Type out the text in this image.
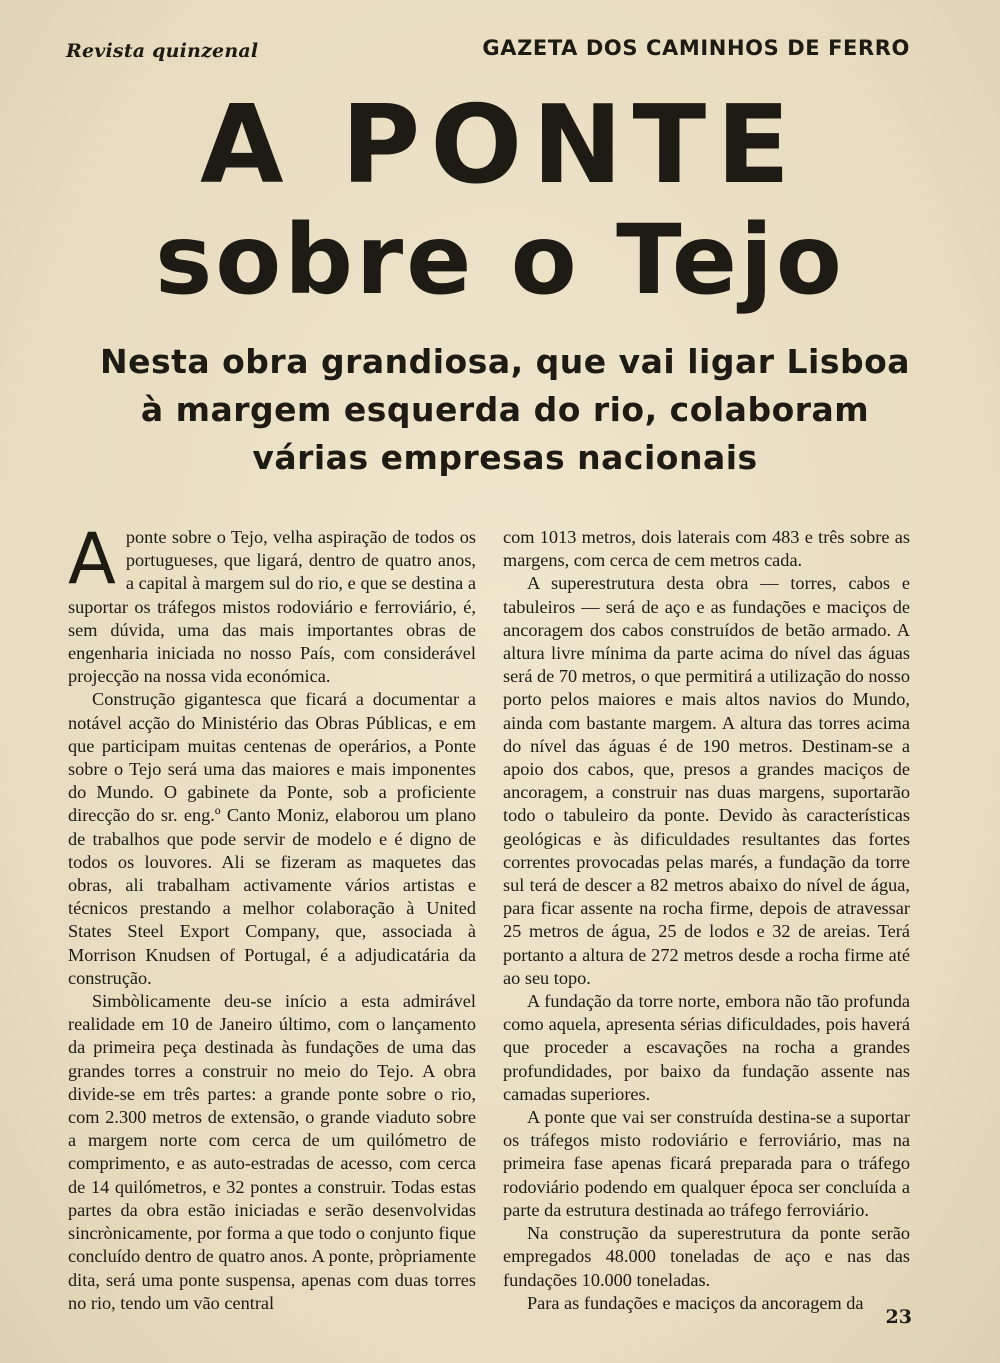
Revista quinzenal	GAZETA DOS CAMINHOS DE FERRO
A PONTE
sobre o Tejo
Nesta obra grandiosa, que vai ligar Lisboa
à margem esquerda do rio, colaboram
várias empresas nacionais

Aponte sobre o Tejo, velha aspiração de todos os portugueses, que ligará, dentro de quatro anos, a capital à margem sul do rio, e que se destina a suportar os tráfegos mistos rodoviário e ferroviário, é, sem dúvida, uma das mais importantes obras de engenharia iniciada no nosso País, com considerável projecção na nossa vida económica.

Construção gigantesca que ficará a documentar a notável acção do Ministério das Obras Públicas, e em que participam muitas centenas de operários, a Ponte sobre o Tejo será uma das maiores e mais imponentes do Mundo. O gabinete da Ponte, sob a proficiente direcção do sr. eng.º Canto Moniz, elaborou um plano de trabalhos que pode servir de modelo e é digno de todos os louvores. Ali se fizeram as maquetes das obras, ali trabalham activamente vários artistas e técnicos prestando a melhor colaboração à United States Steel Export Company, que, associada à Morrison Knudsen of Portugal, é a adjudicatária da construção.

Simbòlicamente deu-se início a esta admirável realidade em 10 de Janeiro último, com o lançamento da primeira peça destinada às fundações de uma das grandes torres a construir no meio do Tejo. A obra divide-se em três partes: a grande ponte sobre o rio, com 2.300 metros de extensão, o grande viaduto sobre a margem norte com cerca de um quilómetro de comprimento, e as auto-estradas de acesso, com cerca de 14 quilómetros, e 32 pontes a construir. Todas estas partes da obra estão iniciadas e serão desenvolvidas sincrònicamente, por forma a que todo o conjunto fique concluído dentro de quatro anos. A ponte, pròpriamente dita, será uma ponte suspensa, apenas com duas torres no rio, tendo um vão central

com 1013 metros, dois laterais com 483 e três sobre as margens, com cerca de cem metros cada.

A superestrutura desta obra — torres, cabos e tabuleiros — será de aço e as fundações e maciços de ancoragem dos cabos construídos de betão armado. A altura livre mínima da parte acima do nível das águas será de 70 metros, o que permitirá a utilização do nosso porto pelos maiores e mais altos navios do Mundo, ainda com bastante margem. A altura das torres acima do nível das águas é de 190 metros. Destinam-se a apoio dos cabos, que, presos a grandes maciços de ancoragem, a construir nas duas margens, suportarão todo o tabuleiro da ponte. Devido às características geológicas e às dificuldades resultantes das fortes correntes provocadas pelas marés, a fundação da torre sul terá de descer a 82 metros abaixo do nível de água, para ficar assente na rocha firme, depois de atravessar 25 metros de água, 25 de lodos e 32 de areias. Terá portanto a altura de 272 metros desde a rocha firme até ao seu topo.

A fundação da torre norte, embora não tão profunda como aquela, apresenta sérias dificuldades, pois haverá que proceder a escavações na rocha a grandes profundidades, por baixo da fundação assente nas camadas superiores.

A ponte que vai ser construída destina-se a suportar os tráfegos misto rodoviário e ferroviário, mas na primeira fase apenas ficará preparada para o tráfego rodoviário podendo em qualquer época ser concluída a parte da estrutura destinada ao tráfego ferroviário.

Na construção da superestrutura da ponte serão empregados 48.000 toneladas de aço e nas das fundações 10.000 toneladas.

Para as fundações e maciços da ancoragem da

23
